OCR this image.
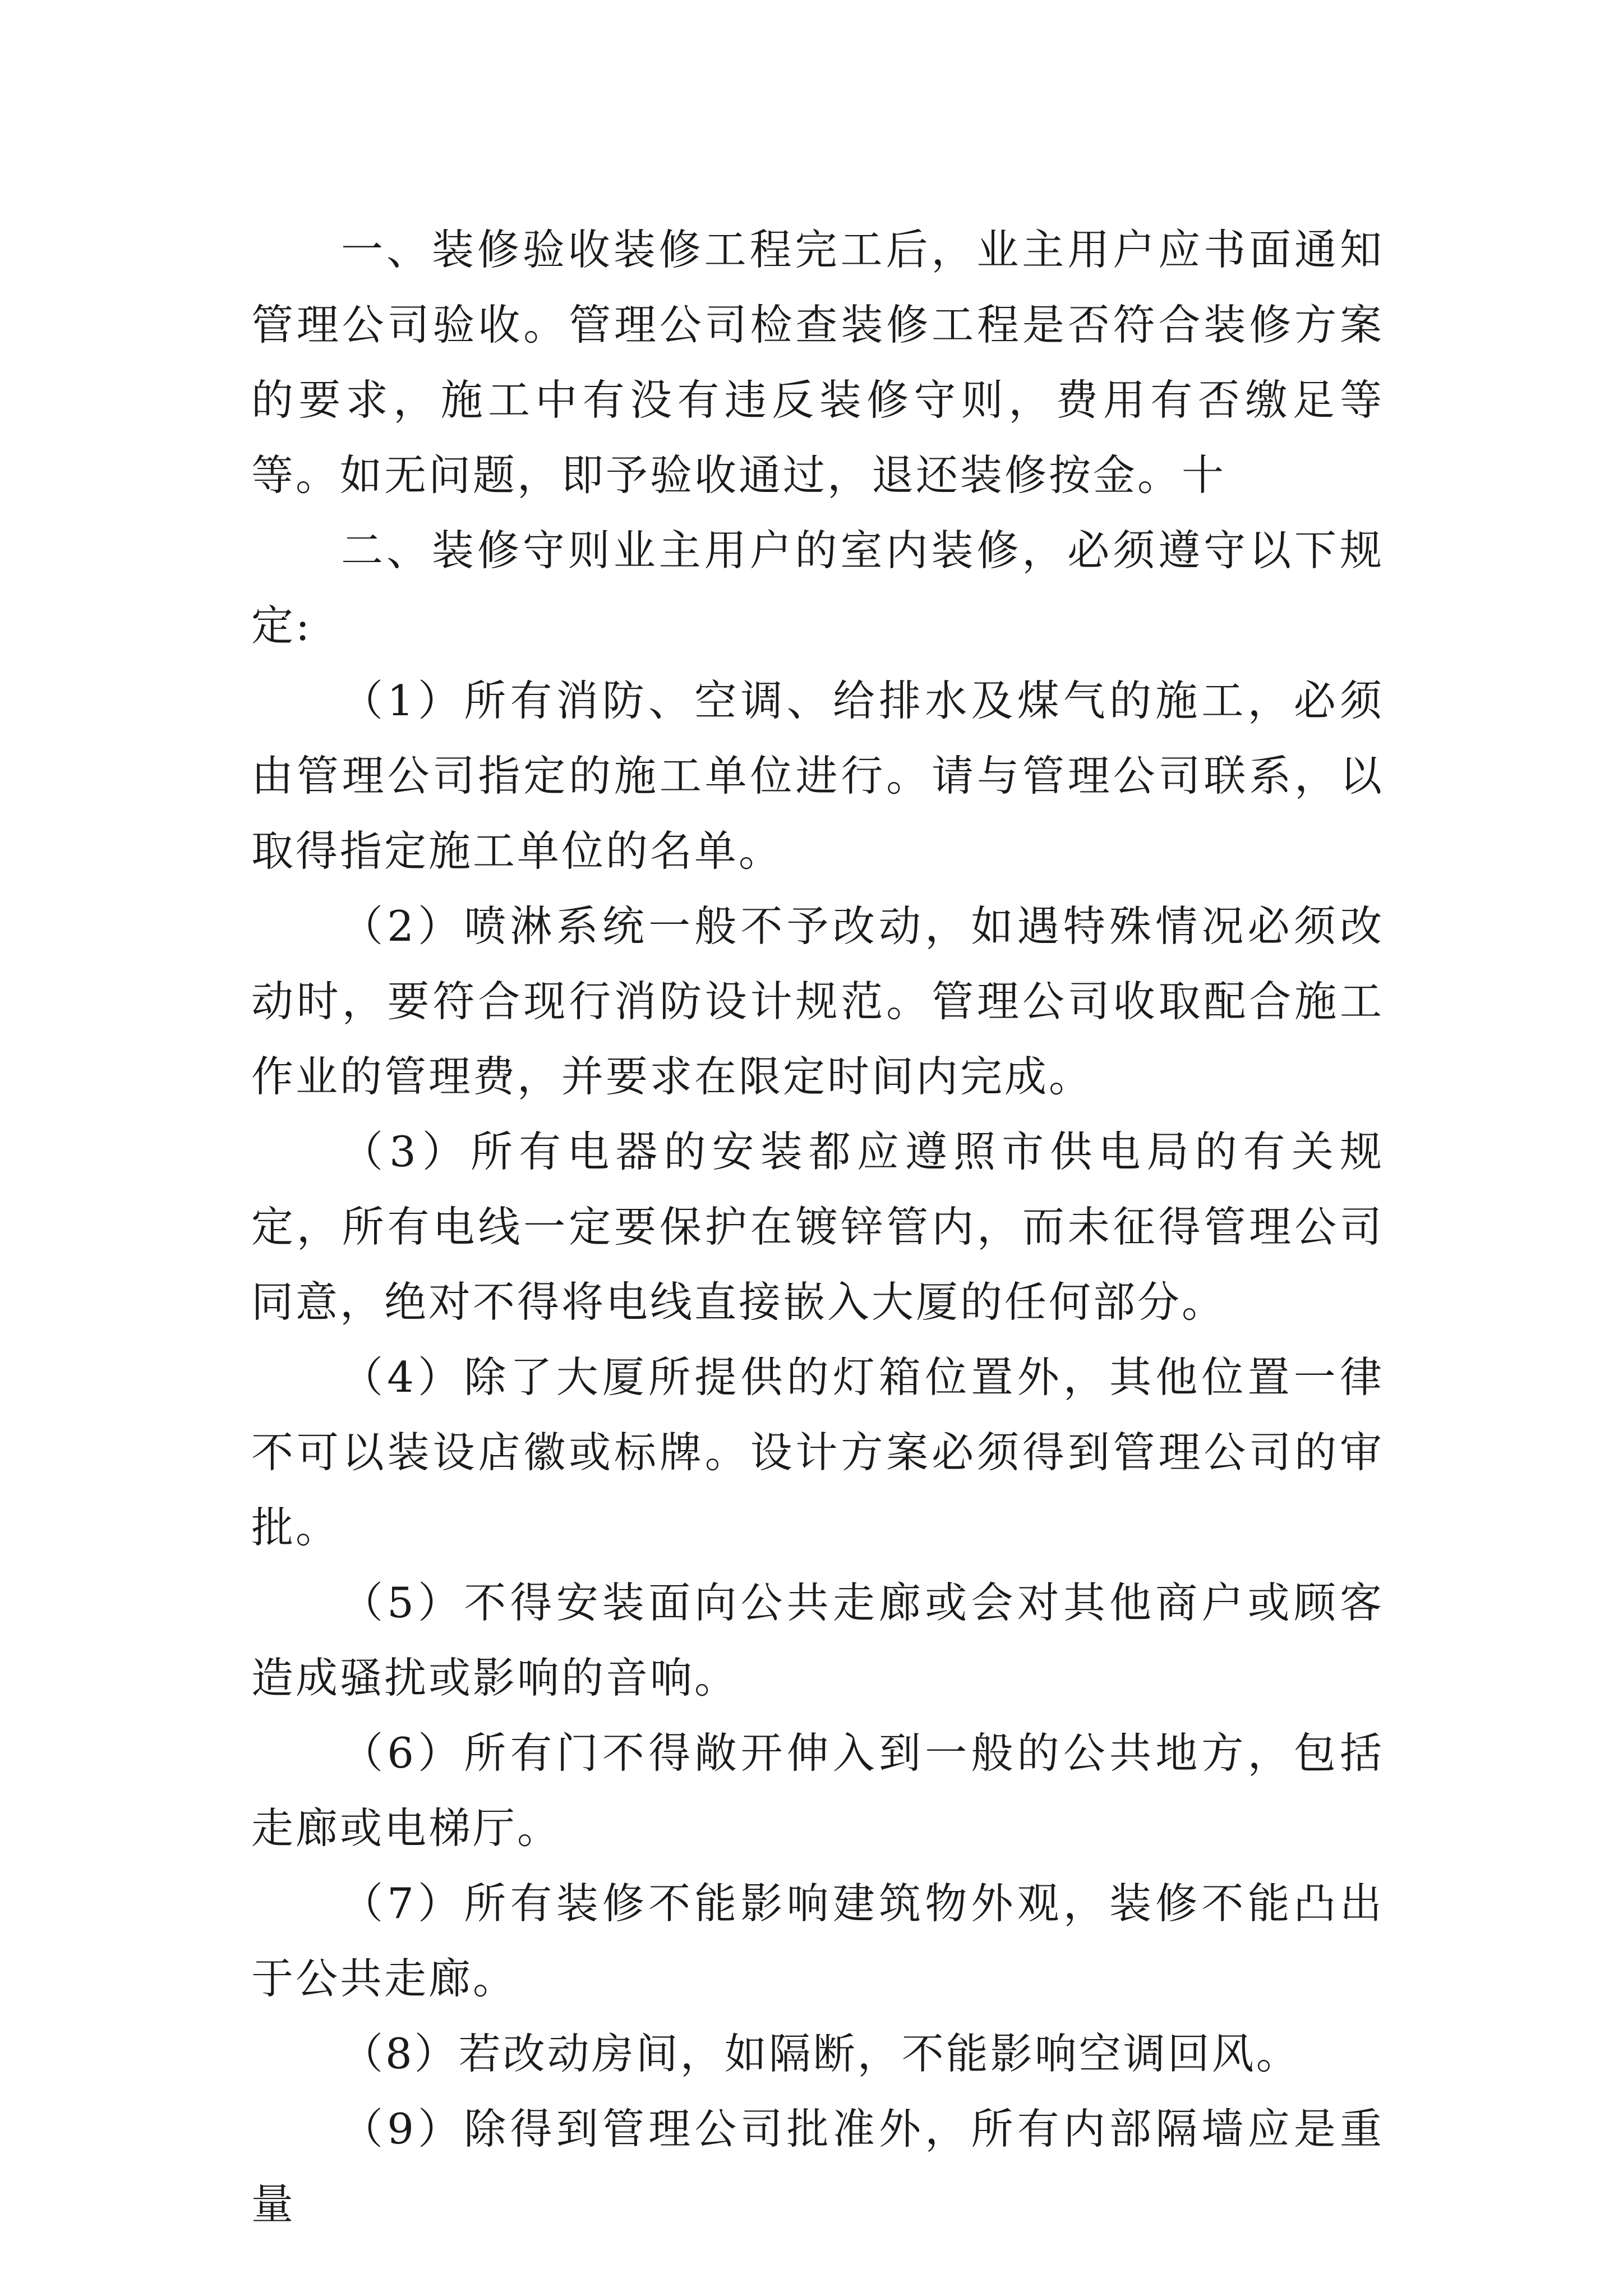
一、装修验收装修工程完工后，业主用户应书面通知管理公司验收。管理公司检查装修工程是否符合装修方案的要求，施工中有没有违反装修守则，费用有否缴足等等。如无问题，即予验收通过，退还装修按金。十

二、装修守则业主用户的室内装修，必须遵守以下规定:

（1）所有消防、空调、给排水及煤气的施工，必须由管理公司指定的施工单位进行。请与管理公司联系，以取得指定施工单位的名单。

（2）喷淋系统一般不予改动，如遇特殊情况必须改动时，要符合现行消防设计规范。管理公司收取配合施工作业的管理费，并要求在限定时间内完成。

（3）所有电器的安装都应遵照市供电局的有关规定，所有电线一定要保护在镀锌管内，而未征得管理公司同意，绝对不得将电线直接嵌入大厦的任何部分。

（4）除了大厦所提供的灯箱位置外，其他位置一律不可以装设店徽或标牌。设计方案必须得到管理公司的审批。

（5）不得安装面向公共走廊或会对其他商户或顾客造成骚扰或影响的音响。

（6）所有门不得敞开伸入到一般的公共地方，包括走廊或电梯厅。

（7）所有装修不能影响建筑物外观，装修不能凸出于公共走廊。

（8）若改动房间，如隔断，不能影响空调回风。

（9）除得到管理公司批准外，所有内部隔墙应是重量
